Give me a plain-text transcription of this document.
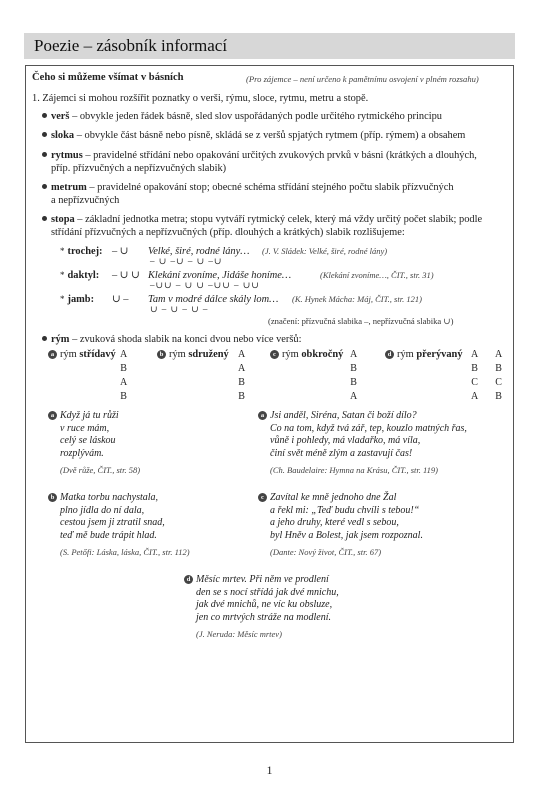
Poezie – zásobník informací
Čeho si můžeme všímat v básních	(Pro zájemce – není určeno k pamětnímu osvojení v plném rozsahu)
1. Zájemci si mohou rozšířit poznatky o verši, rýmu, sloce, rytmu, metru a stopě.
verš – obvykle jeden řádek básně, sled slov uspořádaných podle určitého rytmického principu
sloka – obvykle část básně nebo písně, skládá se z veršů spjatých rytmem (příp. rýmem) a obsahem
rytmus – pravidelné střídání nebo opakování určitých zvukových prvků v básni (krátkých a dlouhých,
příp. přízvučných a nepřízvučných slabik)
metrum – pravidelné opakování stop; obecné schéma střídání stejného počtu slabik přízvučných
a nepřízvučných
stopa – základní jednotka metra; stopu vytváří rytmický celek, který má vždy určitý počet slabik; podle
střídání přízvučných a nepřízvučných (příp. dlouhých a krátkých) slabik rozlišujeme:
* trochej: – ∪ Velké, širé, rodné lány… (J. V. Sládek: Velké, širé, rodné lány)
– ∪ –∪ – ∪ –∪
* daktyl: – ∪ ∪ Klekání zvoníme, Jidáše honíme…	(Klekání zvoníme…, ČIT., str. 31)
–∪∪ – ∪ ∪ –∪∪ – ∪∪
* jamb: ∪ – Tam v modré dálce skály lom… (K. Hynek Mácha: Máj, ČIT., str. 121)
∪ – ∪ – ∪ –
(značení: přízvučná slabika –, nepřízvučná slabika ∪)
rým – zvuková shoda slabik na konci dvou nebo více veršů:
a rým střídavý A
B
A
B
b rým sdružený A
A
B
B
c rým obkročný A
B
B
A
d rým přerývaný A
B
C
A
A
B
C
B
a Když já tu růži
v ruce mám,
celý se láskou
rozplývám.
(Dvě růže, ČIT., str. 58)
a Jsi anděl, Siréna, Satan či boží dílo?
Co na tom, když tvá zář, tep, kouzlo matných řas,
vůně i pohledy, má vladařko, má víla,
činí svět méně zlým a zastavují čas!
(Ch. Baudelaire: Hymna na Krásu, ČIT., str. 119)
b Matka torbu nachystala,
plno jídla do ní dala,
cestou jsem ji ztratil snad,
teď mě bude trápit hlad.
(S. Petőfi: Láska, láska, ČIT., str. 112)
c Zavítal ke mně jednoho dne Žal
a řekl mi: „Teď budu chvíli s tebou!“
a jeho druhy, které vedl s sebou,
byl Hněv a Bolest, jak jsem rozpoznal.
(Dante: Nový život, ČIT., str. 67)
d Měsíc mrtev. Při něm ve prodlení
den se s nocí střídá jak dvé mnichu,
jak dvé mnichů, ne víc ku obsluze,
jen co mrtvých stráže na modlení.
(J. Neruda: Měsíc mrtev)
1
